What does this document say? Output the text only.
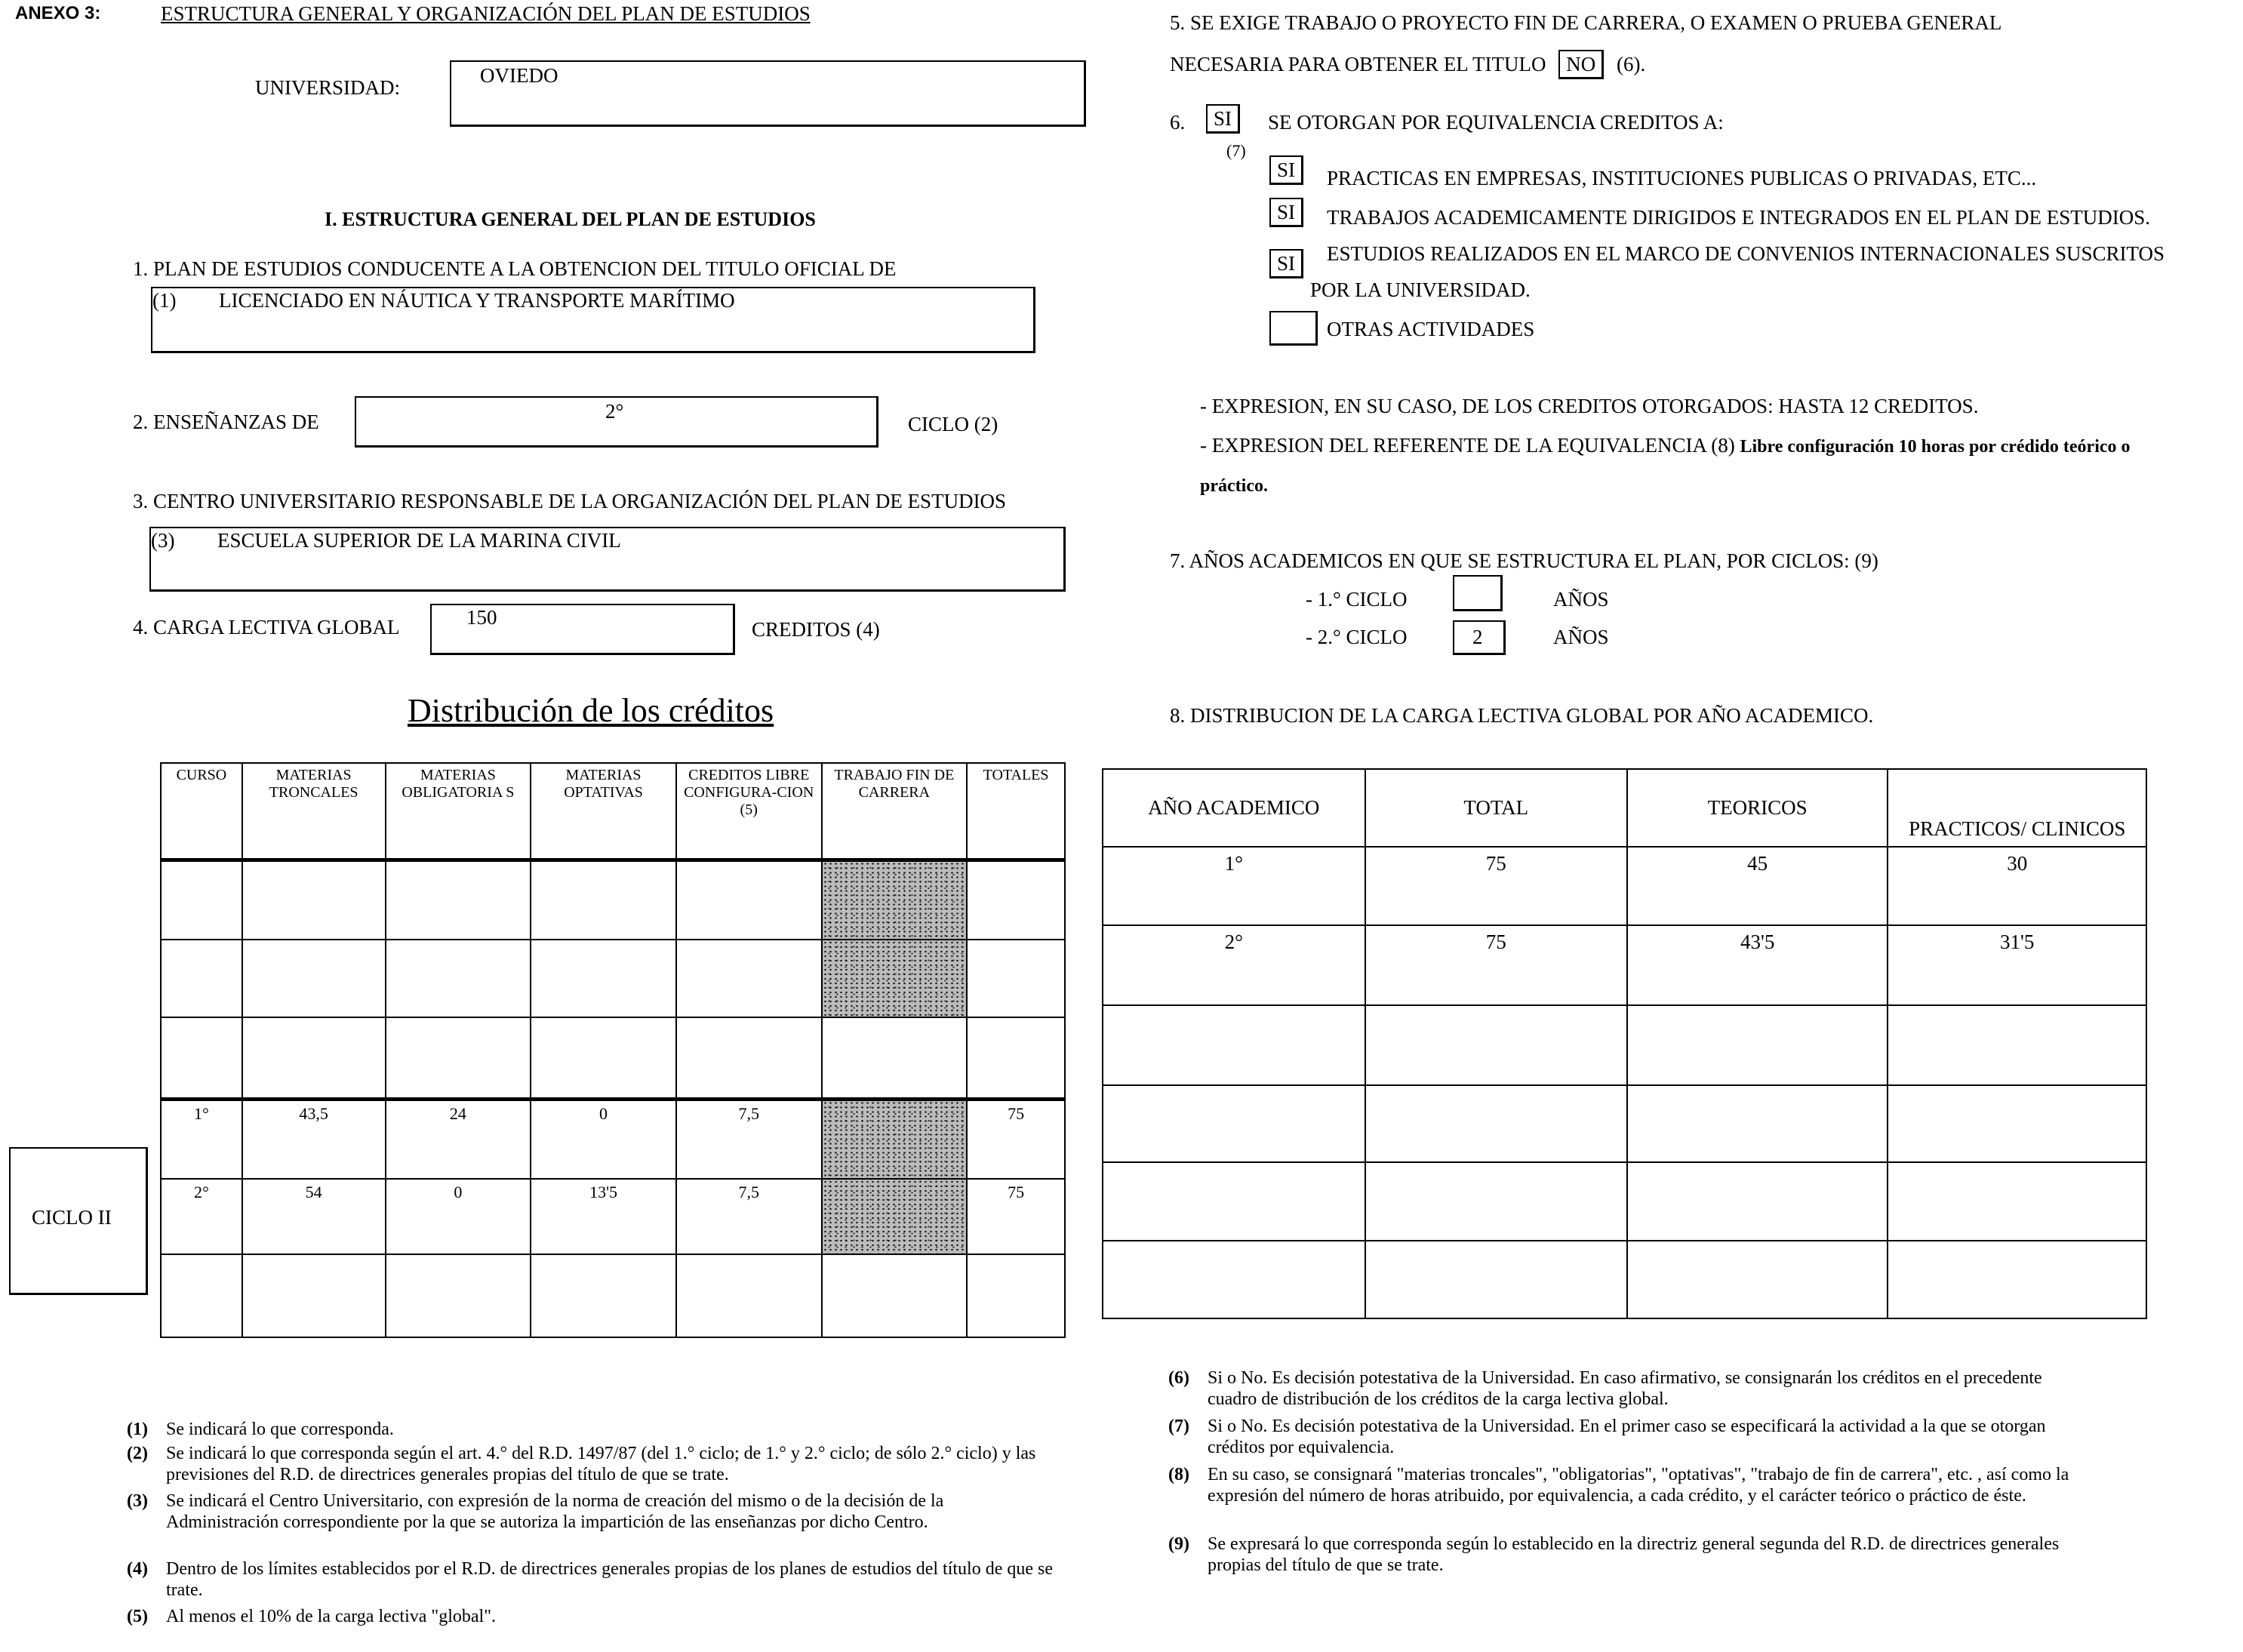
ANEXO 3:	ESTRUCTURA GENERAL Y ORGANIZACIÓN DEL PLAN DE ESTUDIOS
UNIVERSIDAD:
OVIEDO
I. ESTRUCTURA GENERAL DEL PLAN DE ESTUDIOS
1. PLAN DE ESTUDIOS CONDUCENTE A LA OBTENCION DEL TITULO OFICIAL DE
(1) LICENCIADO EN NÁUTICA Y TRANSPORTE MARÍTIMO
2. ENSEÑANZAS DE	2°
CICLO (2)
3. CENTRO UNIVERSITARIO RESPONSABLE DE LA ORGANIZACIÓN DEL PLAN DE ESTUDIOS
(3) ESCUELA SUPERIOR DE LA MARINA CIVIL
4. CARGA LECTIVA GLOBAL	150
CREDITOS (4)
Distribución de los créditos
CURSO	MATERIAS TRONCALES	MATERIAS OBLIGATORIA S	MATERIAS OPTATIVAS	CREDITOS LIBRE CONFIGURA-CION (5)	TRABAJO FIN DE CARRERA	TOTALES

1°	43,5	24	0	7,5		75
2°	54	0	13'5	7,5		75

CICLO II
(1) Se indicará lo que corresponda.
(2) Se indicará lo que corresponda según el art. 4.° del R.D. 1497/87 (del 1.° ciclo; de 1.° y 2.° ciclo; de sólo 2.° ciclo) y las previsiones del R.D. de directrices generales propias del título de que se trate.
(3) Se indicará el Centro Universitario, con expresión de la norma de creación del mismo o de la decisión de la Administración correspondiente por la que se autoriza la impartición de las enseñanzas por dicho Centro.
(4) Dentro de los límites establecidos por el R.D. de directrices generales propias de los planes de estudios del título de que se trate.
(5) Al menos el 10% de la carga lectiva "global".
5. SE EXIGE TRABAJO O PROYECTO FIN DE CARRERA, O EXAMEN O PRUEBA GENERAL
NECESARIA PARA OBTENER EL TITULO NO (6).
6.	SI	SE OTORGAN POR EQUIVALENCIA CREDITOS A:
(7)
SI	PRACTICAS EN EMPRESAS, INSTITUCIONES PUBLICAS O PRIVADAS, ETC...
SI	TRABAJOS ACADEMICAMENTE DIRIGIDOS E INTEGRADOS EN EL PLAN DE ESTUDIOS.
SI	ESTUDIOS REALIZADOS EN EL MARCO DE CONVENIOS INTERNACIONALES SUSCRITOS
POR LA UNIVERSIDAD.
OTRAS ACTIVIDADES
- EXPRESION, EN SU CASO, DE LOS CREDITOS OTORGADOS: HASTA 12 CREDITOS.
- EXPRESION DEL REFERENTE DE LA EQUIVALENCIA (8) Libre configuración 10 horas por crédido teórico o
práctico.
7. AÑOS ACADEMICOS EN QUE SE ESTRUCTURA EL PLAN, POR CICLOS: (9)
- 1.° CICLO	AÑOS
- 2.° CICLO	2	AÑOS
8. DISTRIBUCION DE LA CARGA LECTIVA GLOBAL POR AÑO ACADEMICO.
AÑO ACADEMICO	TOTAL	TEORICOS	PRACTICOS/ CLINICOS
1°	75	45	30
2°	75	43'5	31'5

(6) Si o No. Es decisión potestativa de la Universidad. En caso afirmativo, se consignarán los créditos en el precedente cuadro de distribución de los créditos de la carga lectiva global.
(7) Si o No. Es decisión potestativa de la Universidad. En el primer caso se especificará la actividad a la que se otorgan créditos por equivalencia.
(8) En su caso, se consignará "materias troncales", "obligatorias", "optativas", "trabajo de fin de carrera", etc. , así como la expresión del número de horas atribuido, por equivalencia, a cada crédito, y el carácter teórico o práctico de éste.
(9) Se expresará lo que corresponda según lo establecido en la directriz general segunda del R.D. de directrices generales propias del título de que se trate.
